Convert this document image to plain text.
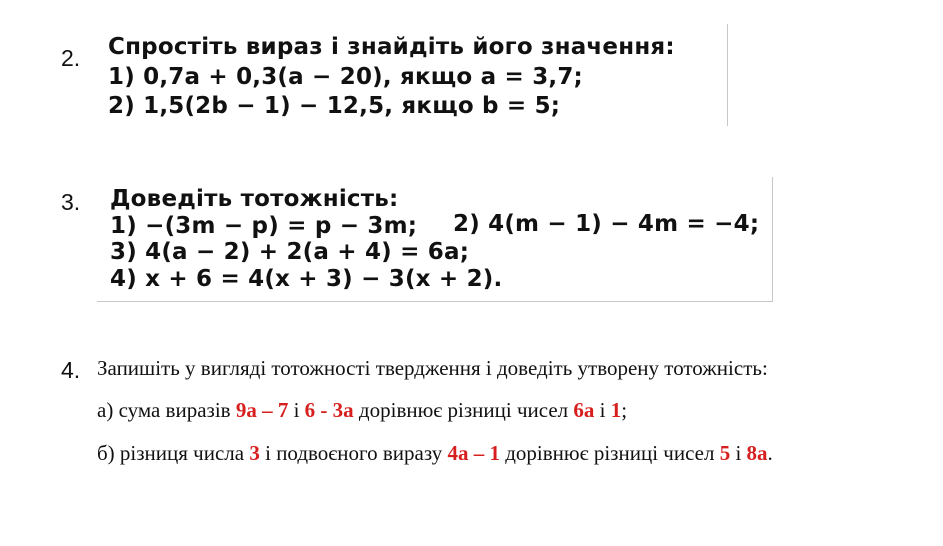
2. Спростіть вираз і знайдіть його значення:
1) 0,7a + 0,3(a − 20), якщо a = 3,7;
2) 1,5(2b − 1) − 12,5, якщо b = 5;
3. Доведіть тотожність:
1) −(3m − p) = p − 3m; 2) 4(m − 1) − 4m = −4;
3) 4(a − 2) + 2(a + 4) = 6a;
4) x + 6 = 4(x + 3) − 3(x + 2).
4. Запишіть у вигляді тотожності твердження і доведіть утворену тотожність:
а) сума виразів 9a – 7 і 6 - 3a дорівнює різниці чисел 6a і 1;
б) різниця числа 3 і подвоєного виразу 4a – 1 дорівнює різниці чисел 5 і 8a.
